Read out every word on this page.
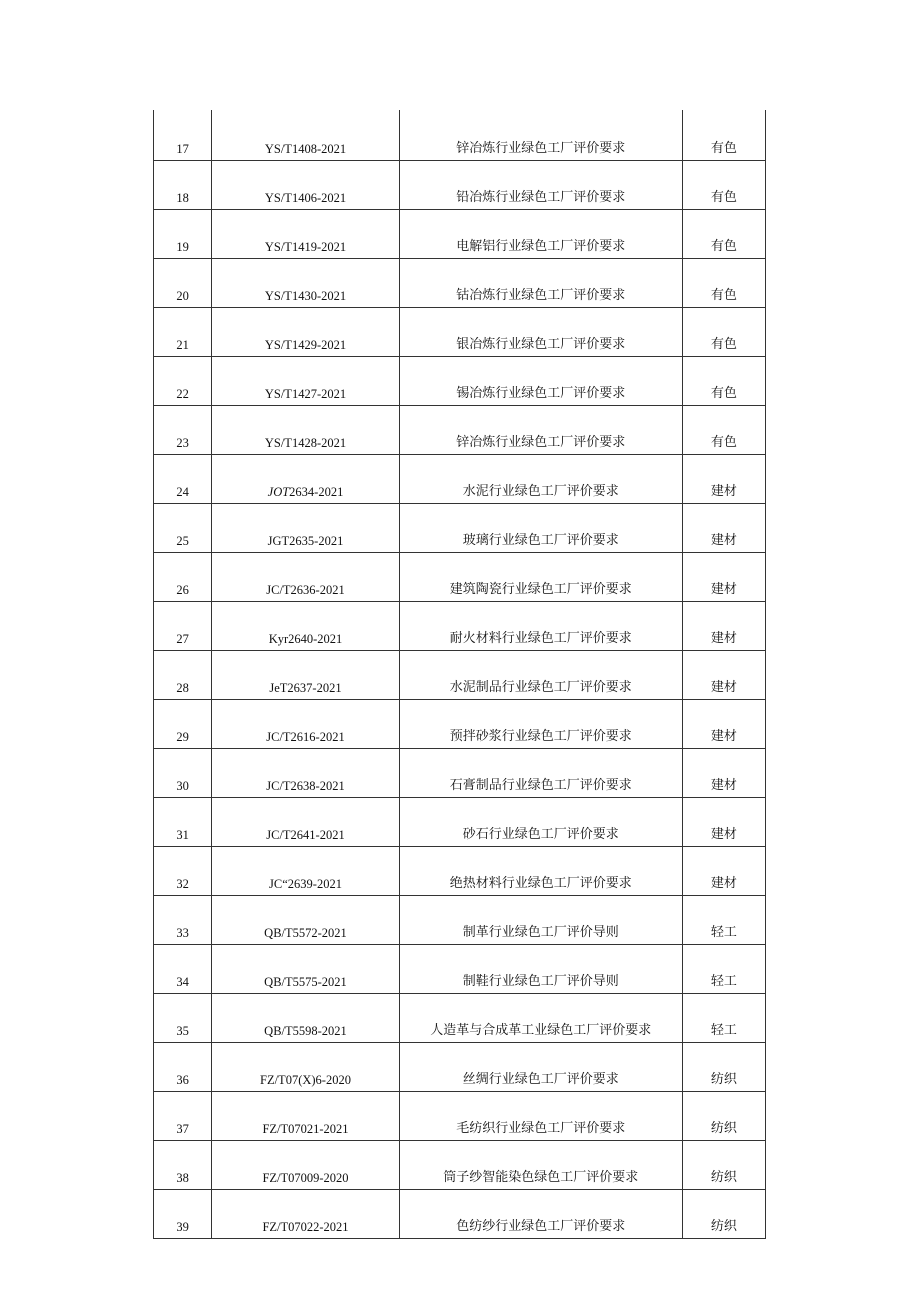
17	YS/T1408-2021	锌冶炼行业绿色工厂评价要求	有色
18	YS/T1406-2021	铅冶炼行业绿色工厂评价要求	有色
19	YS/T1419-2021	电解铝行业绿色工厂评价要求	有色
20	YS/T1430-2021	钴冶炼行业绿色工厂评价要求	有色
21	YS/T1429-2021	银冶炼行业绿色工厂评价要求	有色
22	YS/T1427-2021	锡冶炼行业绿色工厂评价要求	有色
23	YS/T1428-2021	锌冶炼行业绿色工厂评价要求	有色
24	JOT2634-2021	水泥行业绿色工厂评价要求	建材
25	JGT2635-2021	玻璃行业绿色工厂评价要求	建材
26	JC/T2636-2021	建筑陶瓷行业绿色工厂评价要求	建材
27	Kyr2640-2021	耐火材料行业绿色工厂评价要求	建材
28	JeT2637-2021	水泥制品行业绿色工厂评价要求	建材
29	JC/T2616-2021	预拌砂浆行业绿色工厂评价要求	建材
30	JC/T2638-2021	石膏制品行业绿色工厂评价要求	建材
31	JC/T2641-2021	砂石行业绿色工厂评价要求	建材
32	JC“2639-2021	绝热材料行业绿色工厂评价要求	建材
33	QB/T5572-2021	制革行业绿色工厂评价导则	轻工
34	QB/T5575-2021	制鞋行业绿色工厂评价导则	轻工
35	QB/T5598-2021	人造革与合成革工业绿色工厂评价要求	轻工
36	FZ/T07(X)6-2020	丝绸行业绿色工厂评价要求	纺织
37	FZ/T07021-2021	毛纺织行业绿色工厂评价要求	纺织
38	FZ/T07009-2020	筒子纱智能染色绿色工厂评价要求	纺织
39	FZ/T07022-2021	色纺纱行业绿色工厂评价要求	纺织
